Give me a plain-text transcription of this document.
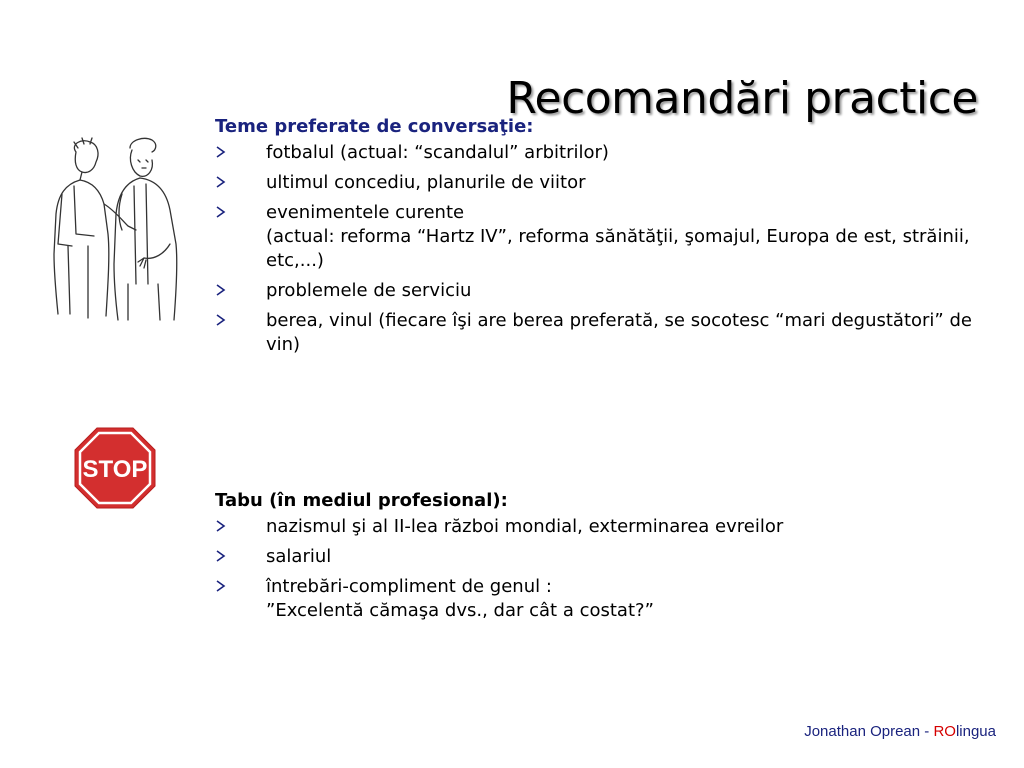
Recomandări practice
STOP
Teme preferate de conversaţie:
fotbalul (actual: “scandalul” arbitrilor)
ultimul concediu, planurile de viitor
evenimentele curente
(actual: reforma “Hartz IV”, reforma sănătăţii, şomajul, Europa de est, străinii, etc,...)
problemele de serviciu
berea, vinul (fiecare îşi are berea preferată, se socotesc “mari degustători” de vin)
Tabu (în mediul profesional):
nazismul şi al II-lea război mondial, exterminarea evreilor
salariul
întrebări-compliment de genul :
”Excelentă cămaşa dvs., dar cât a costat?”
Jonathan Oprean - ROlingua
